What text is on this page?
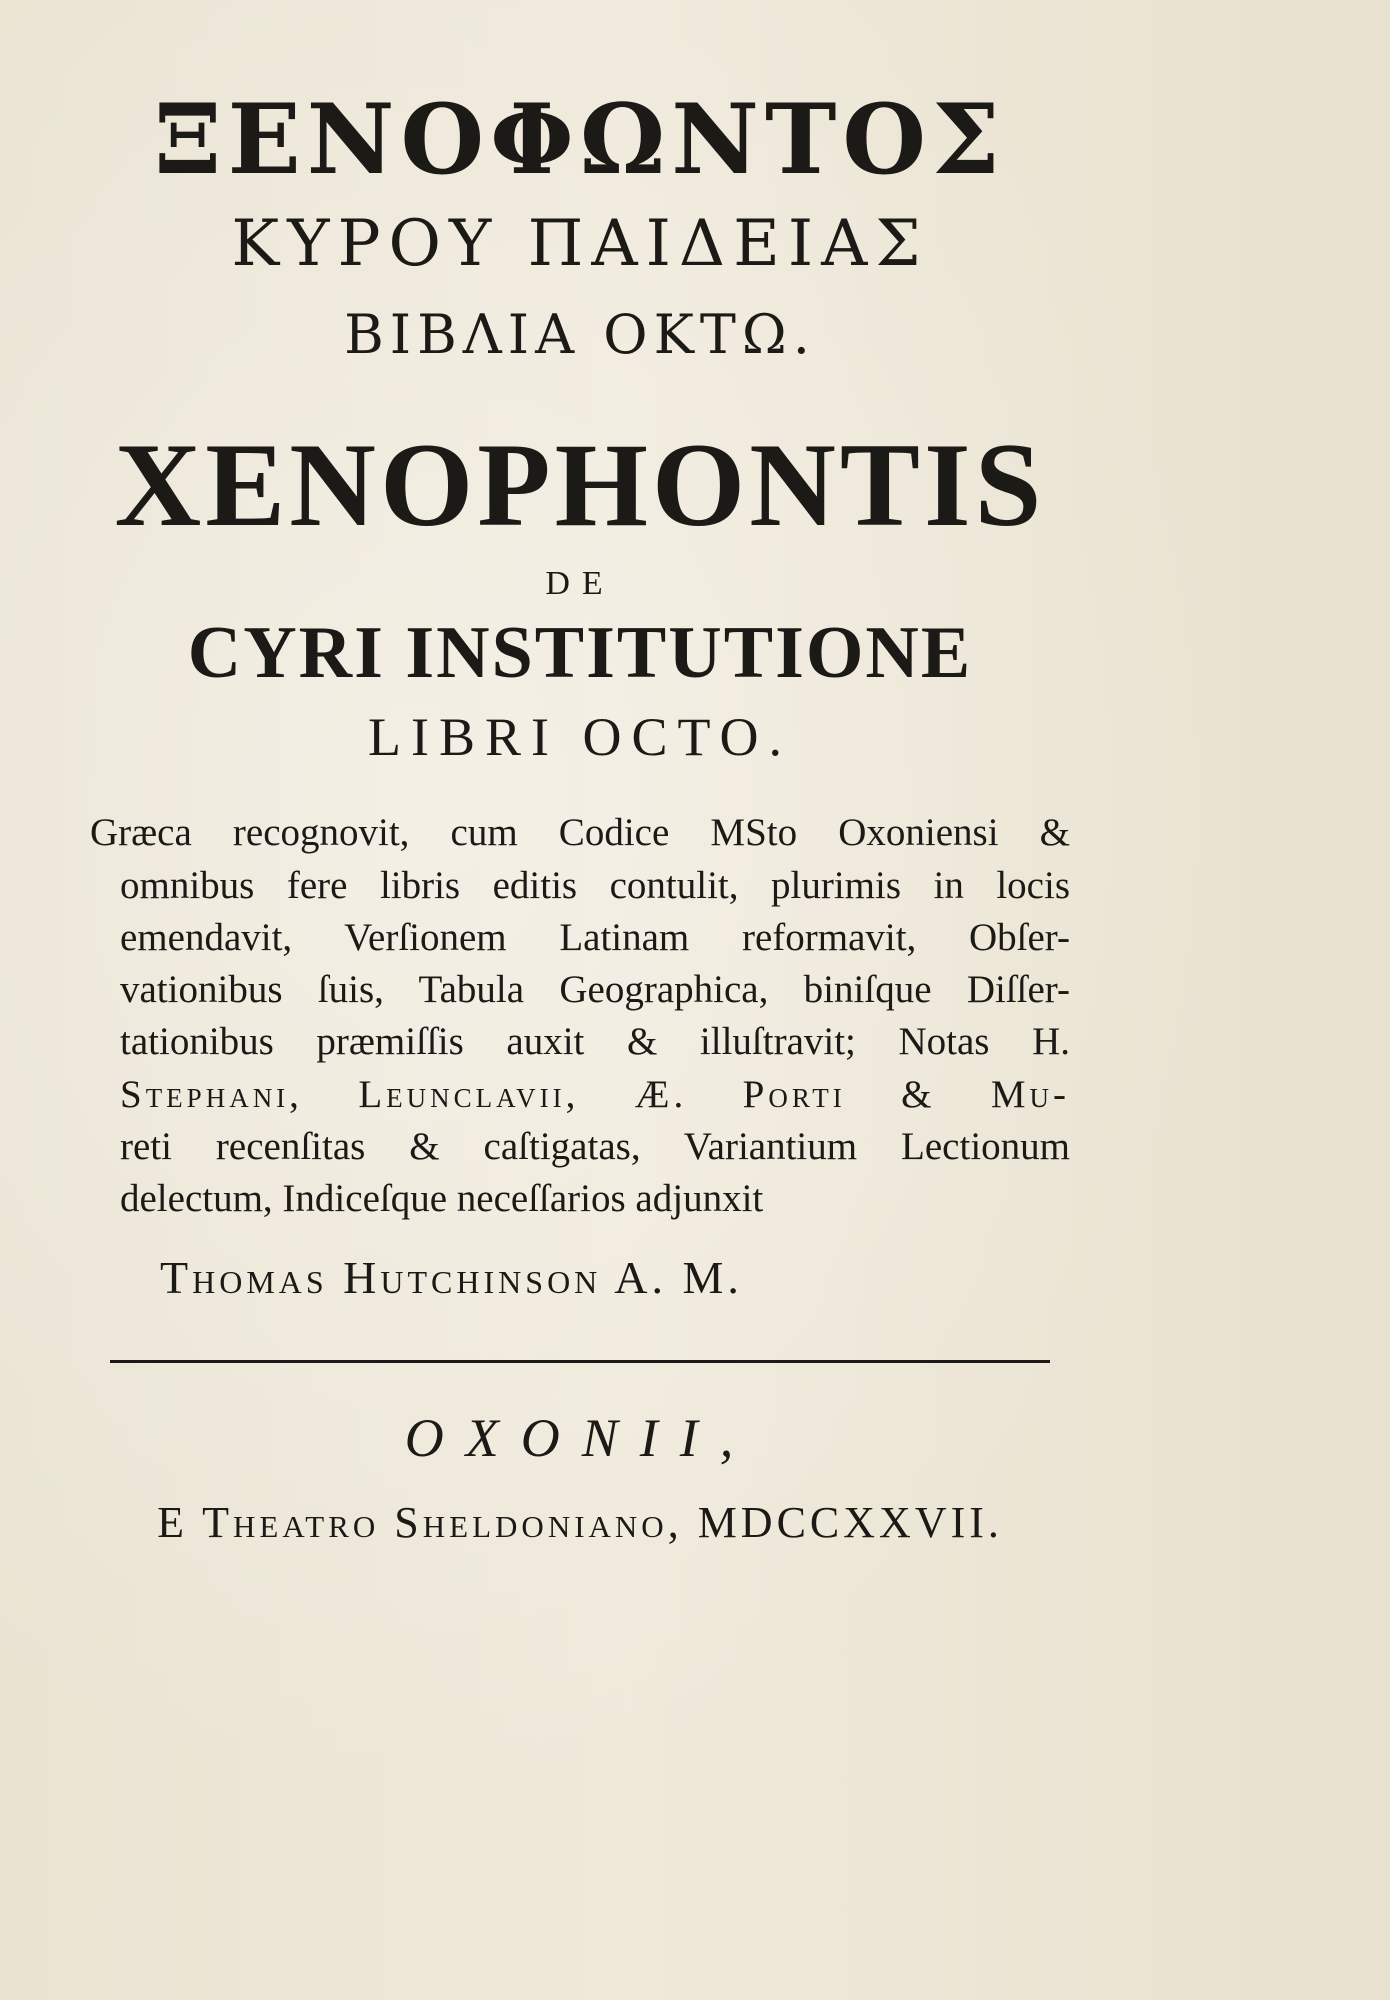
ΞΕΝΟΦΩΝΤΟΣ
ΚΥΡΟΥ ΠΑΙΔΕΙΑΣ
ΒΙΒΛΙΑ ΟΚΤΩ.
XENOPHONTIS
DE
CYRI INSTITUTIONE
LIBRI OCTO.
Græca recognovit, cum Codice MSto Oxoniensi &
omnibus fere libris editis contulit, plurimis in locis
emendavit, Verſionem Latinam reformavit, Obſer-
vationibus ſuis, Tabula Geographica, biniſque Diſſer-
tationibus præmiſſis auxit & illuſtravit; Notas H.
Stephani, Leunclavii, Æ. Porti & Mu-
reti recenſitas & caſtigatas, Variantium Lectionum
delectum, Indiceſque neceſſarios adjunxit
Thomas Hutchinson A. M.
OXONII,
E Theatro Sheldoniano, MDCCXXVII.
